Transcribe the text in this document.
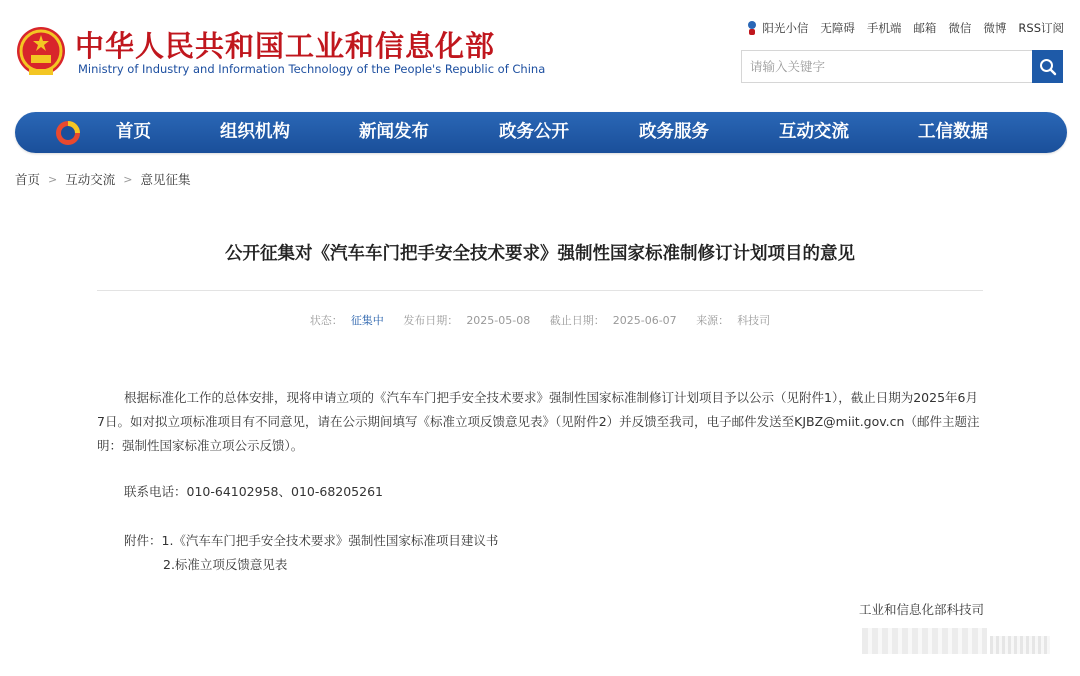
中华人民共和国工业和信息化部
Ministry of Industry and Information Technology of the People's Republic of China
阳光小信 无障碍 手机端 邮箱 微信 微博 RSS订阅
请输入关键字
首页	组织机构	新闻发布	政务公开	政务服务	互动交流	工信数据
首页 > 互动交流 > 意见征集
公开征集对《汽车车门把手安全技术要求》强制性国家标准制修订计划项目的意见
状态： 征集中 发布日期： 2025-05-08 截止日期： 2025-06-07 来源： 科技司

根据标准化工作的总体安排，现将申请立项的《汽车车门把手安全技术要求》强制性国家标准制修订计划项目予以公示（见附件1），截止日期为2025年6月7日。如对拟立项标准项目有不同意见，请在公示期间填写《标准立项反馈意见表》（见附件2）并反馈至我司，电子邮件发送至KJBZ@miit.gov.cn（邮件主题注明：强制性国家标准立项公示反馈）。

联系电话：010-64102958、010-68205261
附件：1.《汽车车门把手安全技术要求》强制性国家标准项目建议书
2.标准立项反馈意见表
工业和信息化部科技司
